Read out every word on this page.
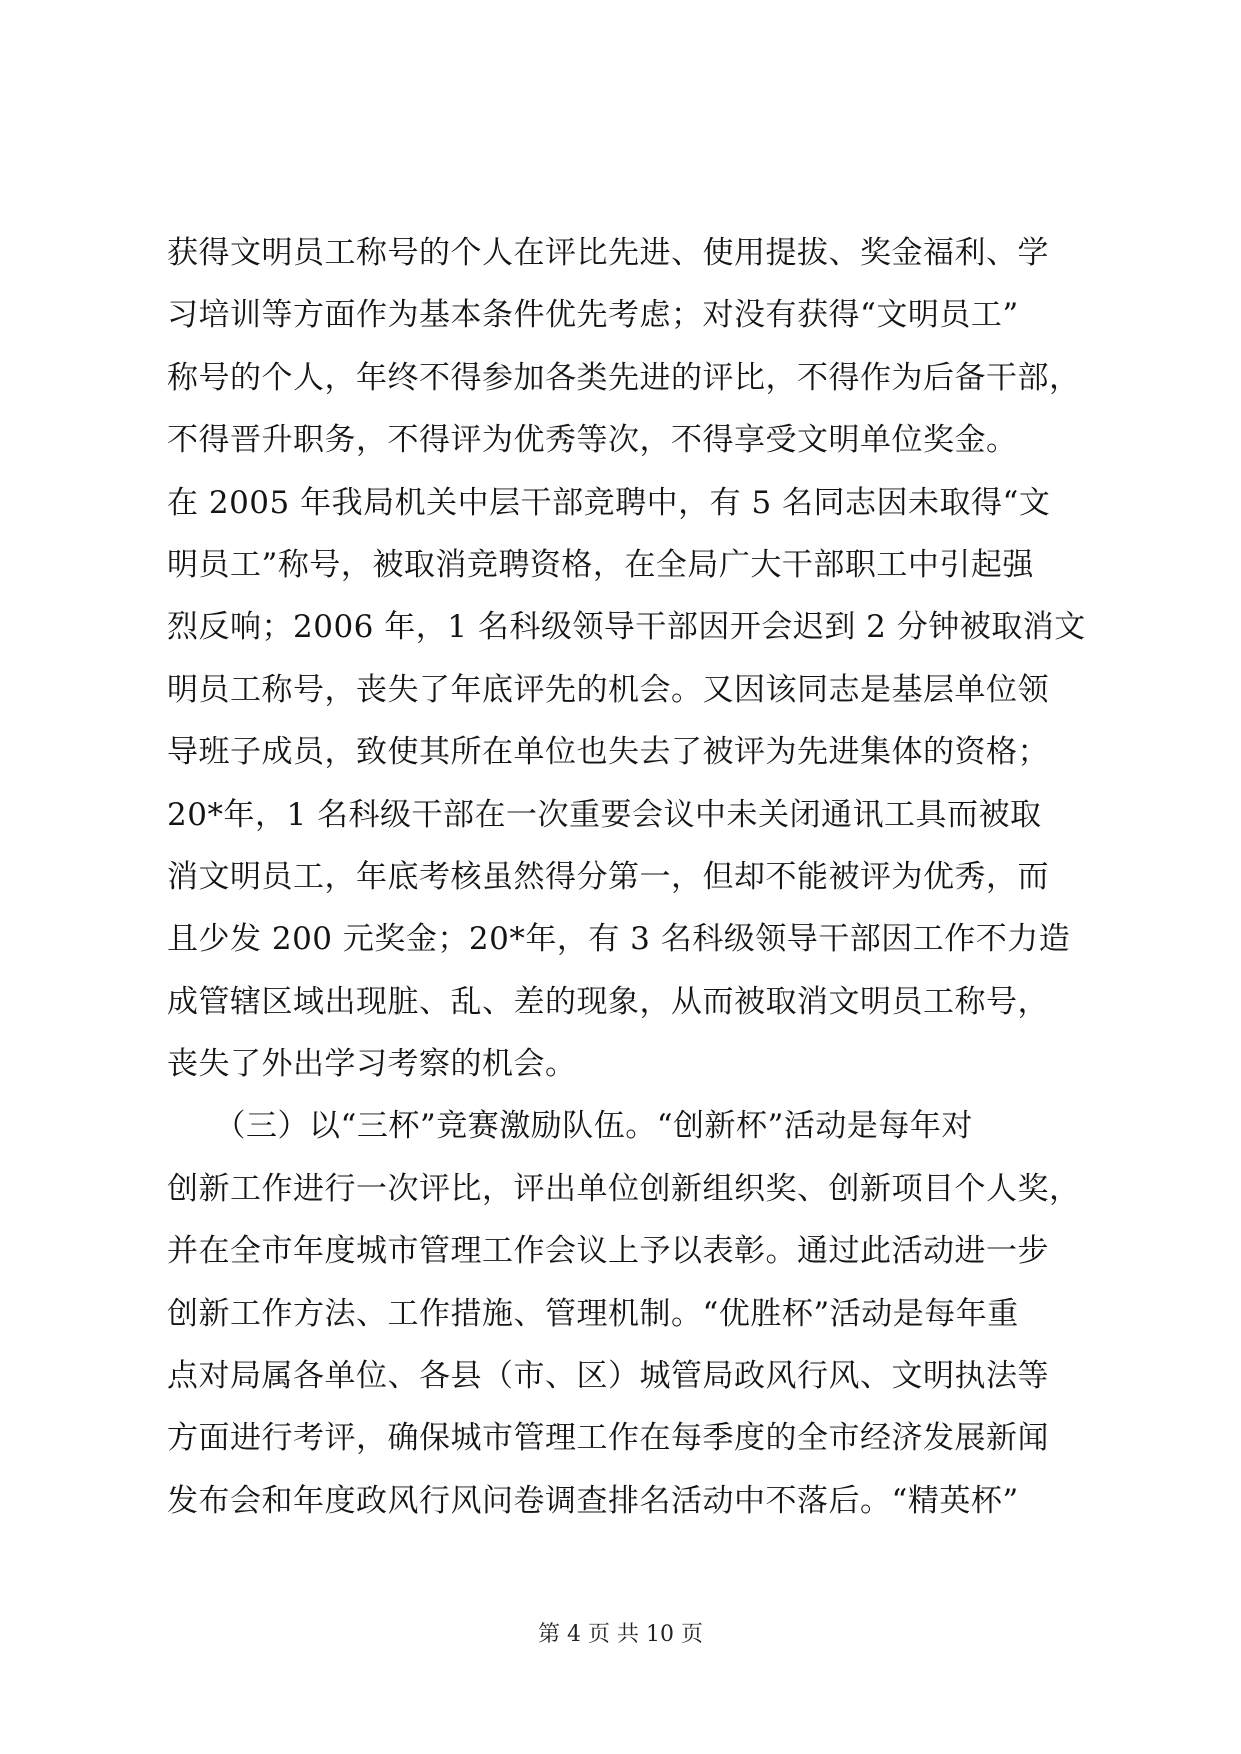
获得文明员工称号的个人在评比先进、使用提拔、奖金福利、学
习培训等方面作为基本条件优先考虑；对没有获得“文明员工”
称号的个人，年终不得参加各类先进的评比，不得作为后备干部，
不得晋升职务，不得评为优秀等次，不得享受文明单位奖金。
在 2005 年我局机关中层干部竞聘中，有 5 名同志因未取得“文
明员工”称号，被取消竞聘资格，在全局广大干部职工中引起强
烈反响；2006 年，1 名科级领导干部因开会迟到 2 分钟被取消文
明员工称号，丧失了年底评先的机会。又因该同志是基层单位领
导班子成员，致使其所在单位也失去了被评为先进集体的资格；
20*年，1 名科级干部在一次重要会议中未关闭通讯工具而被取
消文明员工，年底考核虽然得分第一，但却不能被评为优秀，而
且少发 200 元奖金；20*年，有 3 名科级领导干部因工作不力造
成管辖区域出现脏、乱、差的现象，从而被取消文明员工称号，
丧失了外出学习考察的机会。
　　（三）以“三杯”竞赛激励队伍。“创新杯”活动是每年对
创新工作进行一次评比，评出单位创新组织奖、创新项目个人奖，
并在全市年度城市管理工作会议上予以表彰。通过此活动进一步
创新工作方法、工作措施、管理机制。“优胜杯”活动是每年重
点对局属各单位、各县（市、区）城管局政风行风、文明执法等
方面进行考评，确保城市管理工作在每季度的全市经济发展新闻
发布会和年度政风行风问卷调查排名活动中不落后。“精英杯”
第 4 页 共 10 页
